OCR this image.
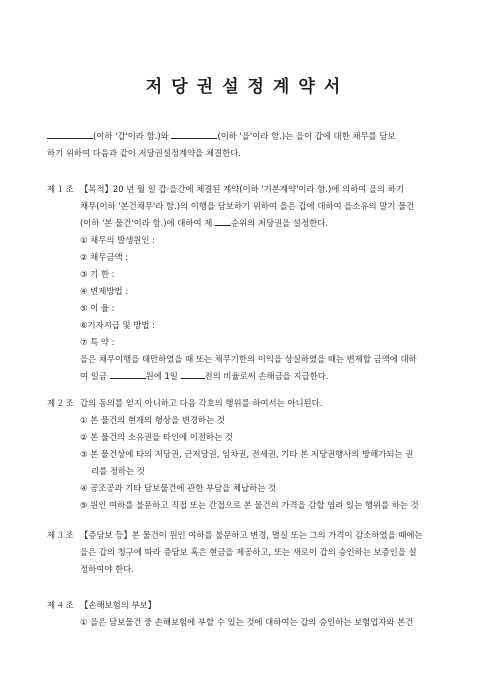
저당권설정계약서
(이하 '갑'이라 함.)와	(이하 '을'이라 함.)는 을이 갑에 대한 채무를 담보
하기 위하여 다음과 같이 저당권설정계약을 체결한다.
제１조 【목적】20 년 월 일 갑·을간에 체결된 계약(이하 '기본계약'이라 함.)에 의하여 을의 하기
채무(이하 '본건채무'라 함.)의 이행을 담보하기 위하여 을은 갑에 대하여 을소유의 말기 물건
(이하 '본 물건'이라 함.)에 대하여 제 순위의 저당권을 설정한다.
① 채무의 발생원인 :
② 채무금액 :
③ 기 한 :
④ 변제방법 :
⑤ 이 율 :
⑥기자지급 및 방법 :
⑦ 특 약 :
을은 채무이행을 태만하였을 때 또는 채무기한의 이익을 상실하였을 때는 변제할 금액에 대하
여 일금	원에 1일	전의 비율로써 손해금을 지급한다.
제２조 갑의 동의를 얻지 아니하고 다음 각호의 행위를 하여서는 아니된다.
① 본 물건의 현재의 형상을 변경하는 것
② 본 물건의 소유권을 타인에 이전하는 것
③ 본 물건상에 타의 저당권, 근저당권, 임차권, 전세권, 기타 본 저당권행사의 방해가되는 권
리를 정하는 것
④ 공조공과 기타 담보물건에 관한 부담을 체납하는 것
⑤ 원인 여하를 불문하고 직접 또는 간접으로 본 물건의 가격을 감할 염려 있는 행위를 하는 것
제３조 【증담보 등】본 물건이 원인 여하를 불문하고 변경, 멸실 또는 그의 가격이 감소하였을 때에는
을은 갑의 청구에 따라 증담보 혹은 현금을 제공하고, 또는 새로이 갑의 승인하는 보증인을 설
정하여야 한다.
제４조 【손해보험의 부보】
① 을은 담보물건 중 손해보험에 부할 수 있는 것에 대하여는 갑의 승인하는 보험업자와 본건
